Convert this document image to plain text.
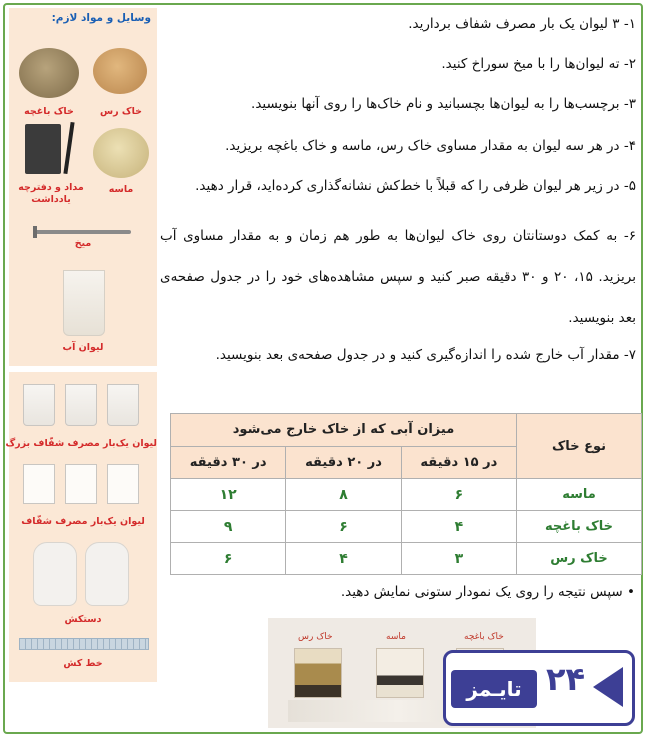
وسایل و مواد لازم:
خاک رس
خاک باغچه
ماسه
مداد و دفترچه یادداشت
میخ
لیوان آب
لیوان یک‌بار مصرف شفّاف بزرگ
لیوان یک‌بار مصرف شفّاف
دستکش
خط کش
۱- ۳ لیوان یک بار مصرف شفاف بردارید.
۲- ته لیوان‌ها را با میخ سوراخ کنید.
۳- برچسب‌ها را به لیوان‌ها بچسبانید و نام خاک‌ها را روی آنها بنویسید.
۴- در هر سه لیوان به مقدار مساوی خاک رس، ماسه و خاک باغچه بریزید.
۵- در زیر هر لیوان ظرفی را که قبلاً با خط‌کش نشانه‌گذاری کرده‌اید، قرار دهید.
۶- به کمک دوستانتان روی خاک لیوان‌ها به طور هم زمان و به مقدار مساوی آب بریزید. ۱۵، ۲۰ و ۳۰ دقیقه صبر کنید و سپس مشاهده‌های خود را در جدول صفحه‌ی بعد بنویسید.
۷- مقدار آب خارج شده را اندازه‌گیری کنید و در جدول صفحه‌ی بعد بنویسید.
نوع خاک	میزان آبی که از خاک خارج می‌شود		
	در ۱۵ دقیقه	در ۲۰ دقیقه	در ۳۰ دقیقه
ماسه	۶	۸	۱۲
خاک باغچه	۴	۶	۹
خاک رس	۳	۴	۶
• سپس نتیجه را روی یک نمودار ستونی نمایش دهید.
خاک رس	ماسه	خاک باغچه
۲۴
تایـمز
